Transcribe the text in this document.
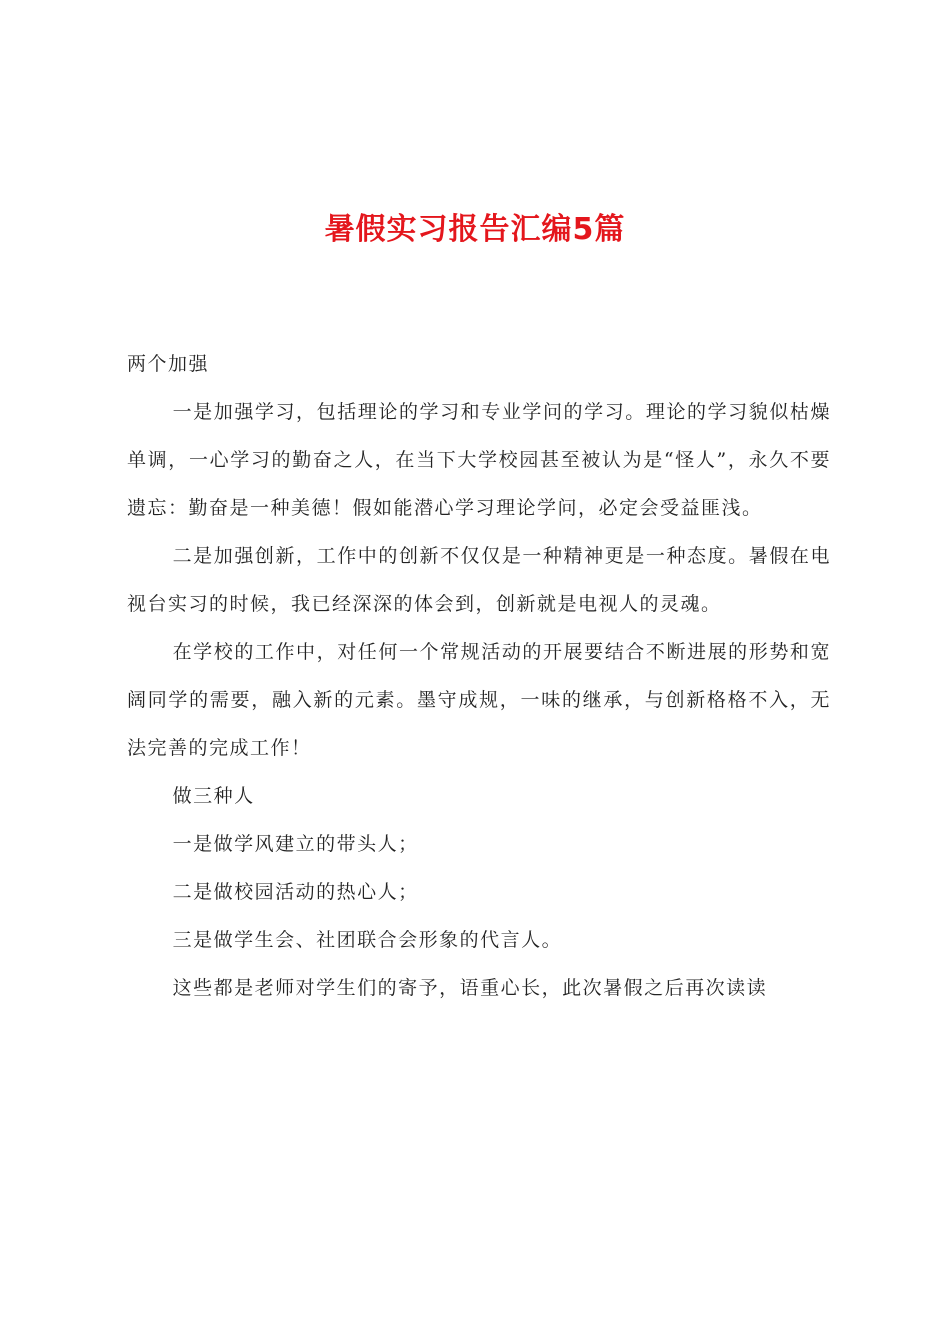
暑假实习报告汇编5篇

两个加强

一是加强学习，包括理论的学习和专业学问的学习。理论的学习貌似枯燥单调，一心学习的勤奋之人，在当下大学校园甚至被认为是“怪人”，永久不要遗忘：勤奋是一种美德！假如能潜心学习理论学问，必定会受益匪浅。

二是加强创新，工作中的创新不仅仅是一种精神更是一种态度。暑假在电视台实习的时候，我已经深深的体会到，创新就是电视人的灵魂。

在学校的工作中，对任何一个常规活动的开展要结合不断进展的形势和宽阔同学的需要，融入新的元素。墨守成规，一味的继承，与创新格格不入，无法完善的完成工作！

做三种人

一是做学风建立的带头人；

二是做校园活动的热心人；

三是做学生会、社团联合会形象的代言人。

这些都是老师对学生们的寄予，语重心长，此次暑假之后再次读读
